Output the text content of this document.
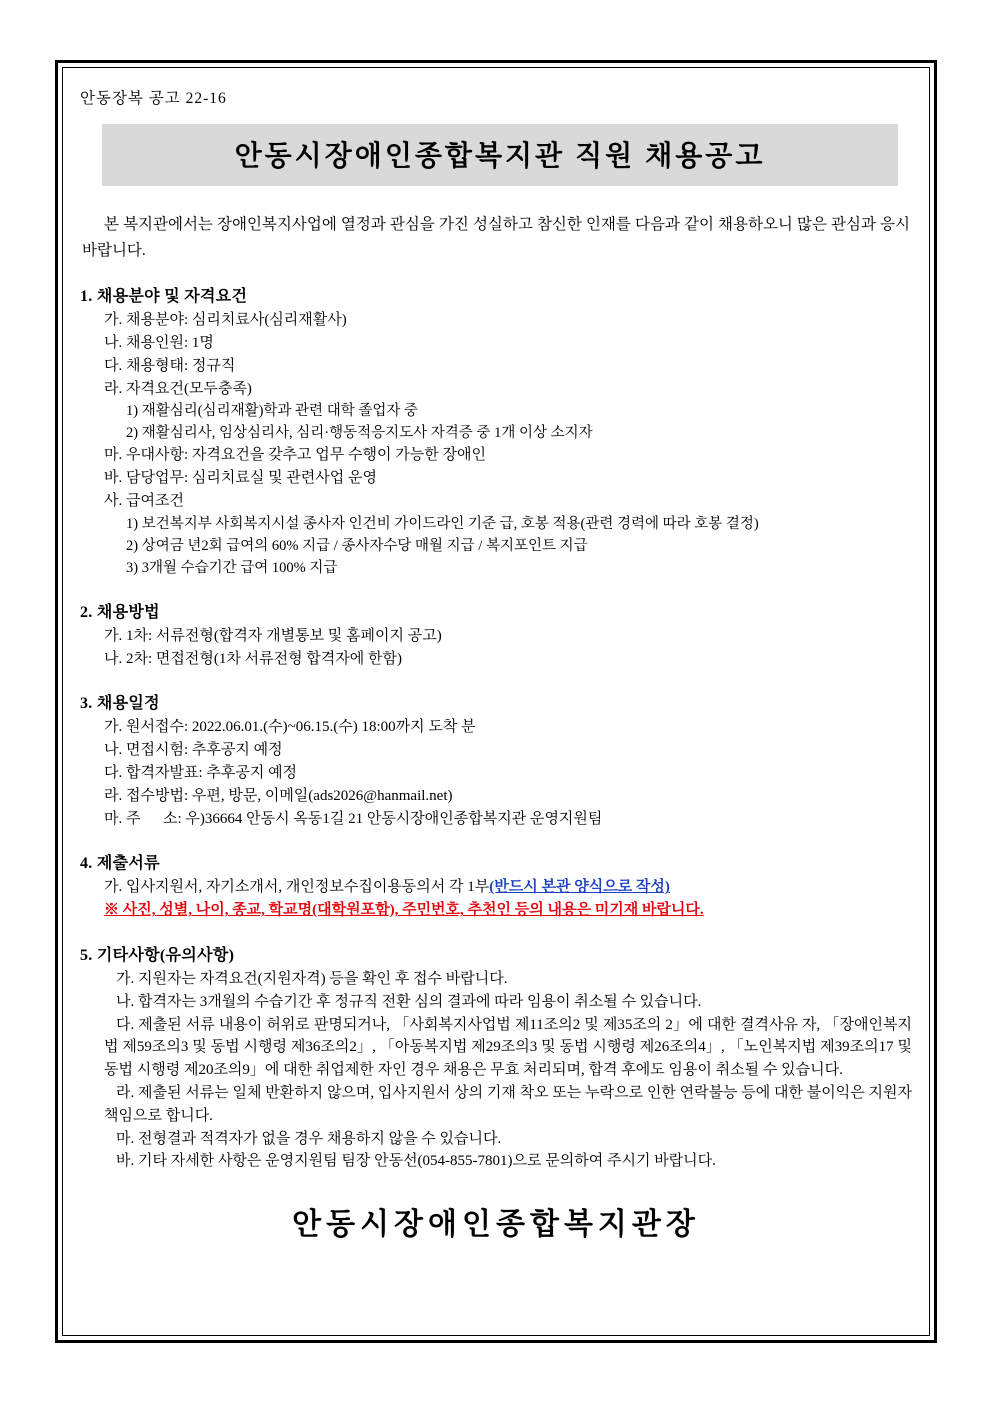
안동장복 공고 22-16

안동시장애인종합복지관 직원 채용공고

본 복지관에서는 장애인복지사업에 열정과 관심을 가진 성실하고 참신한 인재를 다음과 같이 채용하오니 많은 관심과 응시 바랍니다.

1. 채용분야 및 자격요건
가. 채용분야: 심리치료사(심리재활사)
나. 채용인원: 1명
다. 채용형태: 정규직
라. 자격요건(모두충족)
1) 재활심리(심리재활)학과 관련 대학 졸업자 중
2) 재활심리사, 임상심리사, 심리·행동적응지도사 자격증 중 1개 이상 소지자
마. 우대사항: 자격요건을 갖추고 업무 수행이 가능한 장애인
바. 담당업무: 심리치료실 및 관련사업 운영
사. 급여조건
1) 보건복지부 사회복지시설 종사자 인건비 가이드라인 기준 급, 호봉 적용(관련 경력에 따라 호봉 결정)
2) 상여금 년2회 급여의 60% 지급 / 종사자수당 매월 지급 / 복지포인트 지급
3) 3개월 수습기간 급여 100% 지급
2. 채용방법
가. 1차: 서류전형(합격자 개별통보 및 홈페이지 공고)
나. 2차: 면접전형(1차 서류전형 합격자에 한함)
3. 채용일정
가. 원서접수: 2022.06.01.(수)~06.15.(수) 18:00까지 도착 분
나. 면접시험: 추후공지 예정
다. 합격자발표: 추후공지 예정
라. 접수방법: 우편, 방문, 이메일(ads2026@hanmail.net)
마. 주      소: 우)36664 안동시 옥동1길 21 안동시장애인종합복지관 운영지원팀
4. 제출서류
가. 입사지원서, 자기소개서, 개인정보수집이용동의서 각 1부(반드시 본관 양식으로 작성)
※ 사진, 성별, 나이, 종교, 학교명(대학원포함), 주민번호, 추천인 등의 내용은 미기재 바랍니다.
5. 기타사항(유의사항)
가. 지원자는 자격요건(지원자격) 등을 확인 후 접수 바랍니다.
나. 합격자는 3개월의 수습기간 후 정규직 전환 심의 결과에 따라 임용이 취소될 수 있습니다.
다. 제출된 서류 내용이 허위로 판명되거나, 「사회복지사업법 제11조의2 및 제35조의 2」에 대한 결격사유 자, 「장애인복지법 제59조의3 및 동법 시행령 제36조의2」, 「아동복지법 제29조의3 및 동법 시행령 제26조의4」, 「노인복지법 제39조의17 및 동법 시행령 제20조의9」에 대한 취업제한 자인 경우 채용은 무효 처리되며, 합격 후에도 임용이 취소될 수 있습니다.
라. 제출된 서류는 일체 반환하지 않으며, 입사지원서 상의 기재 착오 또는 누락으로 인한 연락불능 등에 대한 불이익은 지원자 책임으로 합니다.
마. 전형결과 적격자가 없을 경우 채용하지 않을 수 있습니다.
바. 기타 자세한 사항은 운영지원팀 팀장 안동선(054-855-7801)으로 문의하여 주시기 바랍니다.
안동시장애인종합복지관장
